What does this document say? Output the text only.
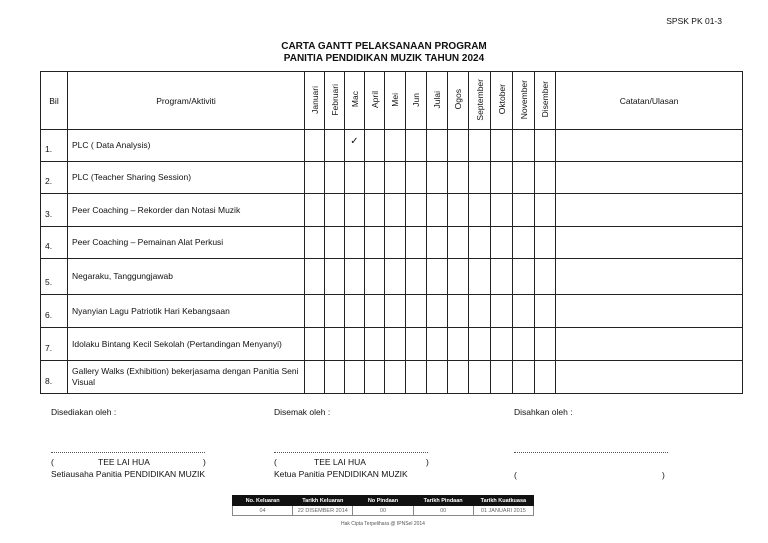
SPSK PK 01-3
CARTA GANTT PELAKSANAAN PROGRAM
PANITIA PENDIDIKAN MUZIK TAHUN 2024
Bil	Program/Aktiviti	Januari	Februari	Mac	April	Mei	Jun	Julai	Ogos	September	Oktober	November	Disember	Catatan/Ulasan
1.	PLC ( Data Analysis)			✓										
2.	PLC (Teacher Sharing Session)													
3.	Peer Coaching – Rekorder dan Notasi Muzik													
4.	Peer Coaching – Pemainan Alat Perkusi													
5.	Negaraku, Tanggungjawab													
6.	Nyanyian Lagu Patriotik Hari Kebangsaan													
7.	Idolaku Bintang Kecil Sekolah (Pertandingan Menyanyi)													
8.	Gallery Walks (Exhibition) bekerjasama dengan Panitia Seni Visual													
Disediakan oleh :	Disemak oleh :	Disahkan oleh :
(	TEE LAI HUA	)
Setiausaha Panitia PENDIDIKAN MUZIK
(	TEE LAI HUA	)
Ketua Panitia PENDIDIKAN MUZIK	(	)
No. Keluaran	Tarikh Keluaran	No Pindaan	Tarikh Pindaan	Tarikh Kuatkuasa
04	22 DISEMBER 2014	00	00	01 JANUARI 2015
Hak Cipta Terpelihara @ IPNSel 2014
